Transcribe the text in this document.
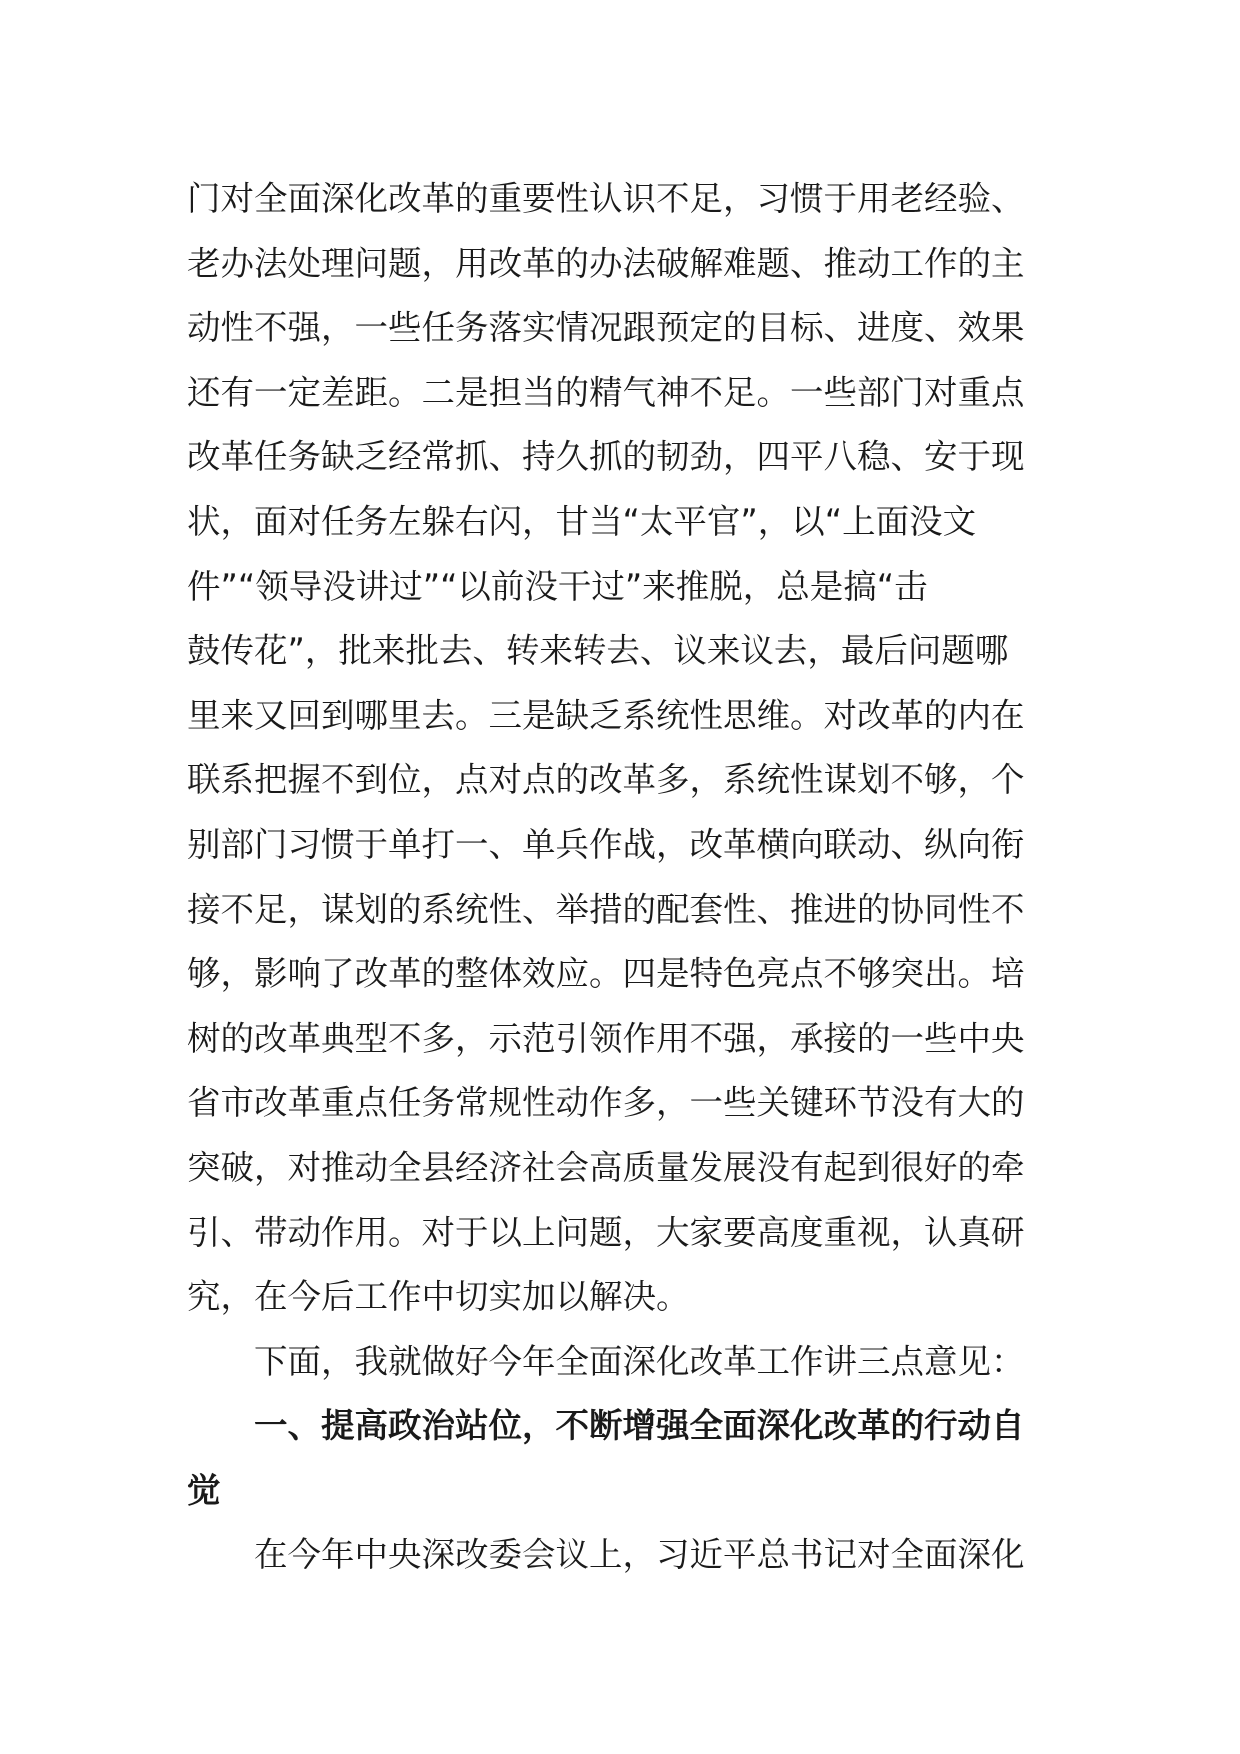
门对全面深化改革的重要性认识不足，习惯于用老经验、
老办法处理问题，用改革的办法破解难题、推动工作的主
动性不强，一些任务落实情况跟预定的目标、进度、效果
还有一定差距。二是担当的精气神不足。一些部门对重点
改革任务缺乏经常抓、持久抓的韧劲，四平八稳、安于现
状，面对任务左躲右闪，甘当“太平官”，以“上面没文
件”“领导没讲过”“以前没干过”来推脱，总是搞“击
鼓传花”，批来批去、转来转去、议来议去，最后问题哪
里来又回到哪里去。三是缺乏系统性思维。对改革的内在
联系把握不到位，点对点的改革多，系统性谋划不够，个
别部门习惯于单打一、单兵作战，改革横向联动、纵向衔
接不足，谋划的系统性、举措的配套性、推进的协同性不
够，影响了改革的整体效应。四是特色亮点不够突出。培
树的改革典型不多，示范引领作用不强，承接的一些中央
省市改革重点任务常规性动作多，一些关键环节没有大的
突破，对推动全县经济社会高质量发展没有起到很好的牵
引、带动作用。对于以上问题，大家要高度重视，认真研
究，在今后工作中切实加以解决。
下面，我就做好今年全面深化改革工作讲三点意见：
一、提高政治站位，不断增强全面深化改革的行动自
觉
在今年中央深改委会议上，习近平总书记对全面深化
